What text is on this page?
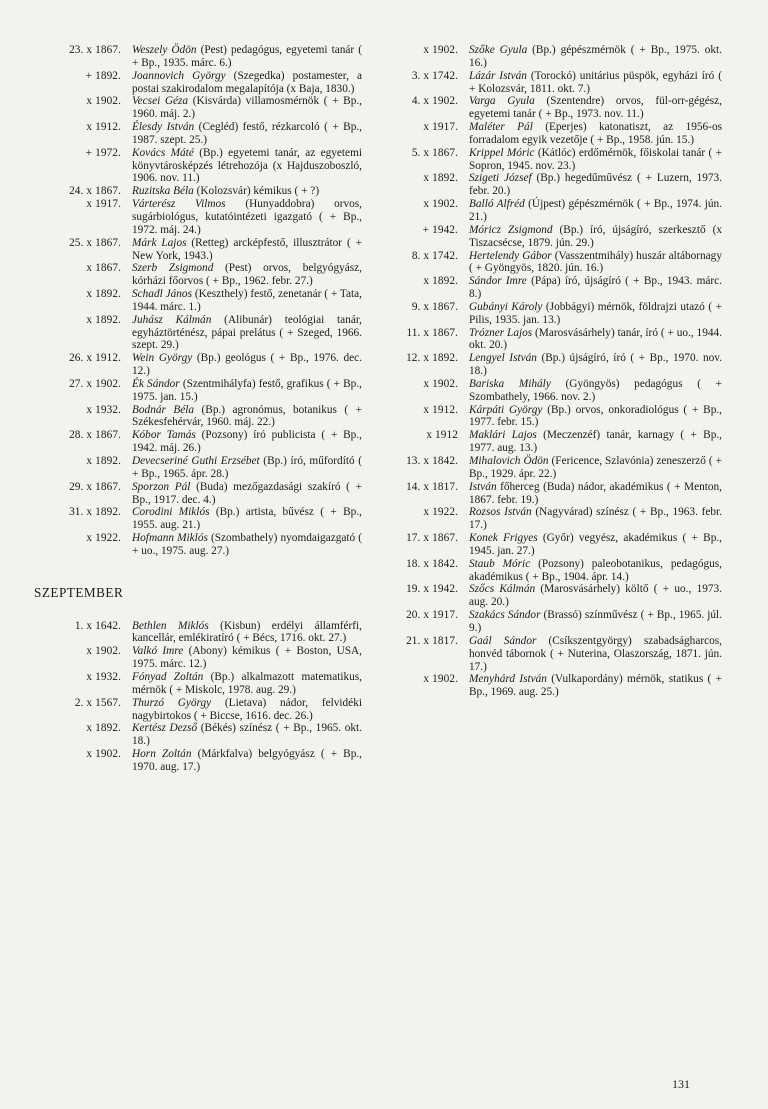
23. x 1867. Weszely Ödön (Pest) pedagógus, egyetemi tanár ( + Bp., 1935. márc. 6.)
+ 1892. Joannovich György (Szegedka) postamester, a postai szakirodalom megalapítója (x Baja, 1830.)
x 1902. Vecsei Géza (Kisvárda) villamosmérnök ( + Bp., 1960. máj. 2.)
x 1912. Élesdy István (Cegléd) festő, rézkarcoló ( + Bp., 1987. szept. 25.)
+ 1972. Kovács Máté (Bp.) egyetemi tanár, az egyetemi könyvtárosképzés létrehozója (x Hajduszoboszló, 1906. nov. 11.)
24. x 1867. Ruzitska Béla (Kolozsvár) kémikus ( + ?)
x 1917. Várterész Vilmos (Hunyaddobra) orvos, sugárbiológus, kutatóintézeti igazgató ( + Bp., 1972. máj. 24.)
25. x 1867. Márk Lajos (Retteg) arcképfestő, illusztrátor ( + New York, 1943.)
x 1867. Szerb Zsigmond (Pest) orvos, belgyógyász, kórházi főorvos ( + Bp., 1962. febr. 27.)
x 1892. Schadl János (Keszthely) festő, zenetanár ( + Tata, 1944. márc. 1.)
x 1892. Juhász Kálmán (Alibunár) teológiai tanár, egyháztörténész, pápai prelátus ( + Szeged, 1966. szept. 29.)
26. x 1912. Wein György (Bp.) geológus ( + Bp., 1976. dec. 12.)
27. x 1902. Ék Sándor (Szentmihályfa) festő, grafikus ( + Bp., 1975. jan. 15.)
x 1932. Bodnár Béla (Bp.) agronómus, botanikus ( + Székesfehérvár, 1960. máj. 22.)
28. x 1867. Kóbor Tamás (Pozsony) író publicista ( + Bp., 1942. máj. 26.)
x 1892. Devecseriné Guthi Erzsébet (Bp.) író, műfordító ( + Bp., 1965. ápr. 28.)
29. x 1867. Sporzon Pál (Buda) mezőgazdasági szakíró ( + Bp., 1917. dec. 4.)
31. x 1892. Corodini Miklós (Bp.) artista, bűvész ( + Bp., 1955. aug. 21.)
x 1922. Hofmann Miklós (Szombathely) nyomdaigazgató ( + uo., 1975. aug. 27.)
SZEPTEMBER
1. x 1642. Bethlen Miklós (Kisbun) erdélyi államférfi, kancellár, emlékiratíró ( + Bécs, 1716. okt. 27.)
x 1902. Valkó Imre (Abony) kémikus ( + Boston, USA, 1975. márc. 12.)
x 1932. Fónyad Zoltán (Bp.) alkalmazott matematikus, mérnök ( + Miskolc, 1978. aug. 29.)
2. x 1567. Thurzó György (Lietava) nádor, felvidéki nagybirtokos ( + Biccse, 1616. dec. 26.)
x 1892. Kertész Dezső (Békés) színész ( + Bp., 1965. okt. 18.)
x 1902. Horn Zoltán (Márkfalva) belgyógyász ( + Bp., 1970. aug. 17.)
x 1902. Szőke Gyula (Bp.) gépészmérnök ( + Bp., 1975. okt. 16.)
3. x 1742. Lázár István (Torockó) unitárius püspök, egyházi író ( + Kolozsvár, 1811. okt. 7.)
4. x 1902. Varga Gyula (Szentendre) orvos, fül-orr-gégész, egyetemi tanár ( + Bp., 1973. nov. 11.)
x 1917. Maléter Pál (Eperjes) katonatiszt, az 1956-os forradalom egyik vezetője ( + Bp., 1958. jún. 15.)
5. x 1867. Krippel Móric (Kátlóc) erdőmérnök, főiskolai tanár ( + Sopron, 1945. nov. 23.)
x 1892. Szigeti József (Bp.) hegedűművész ( + Luzern, 1973. febr. 20.)
x 1902. Balló Alfréd (Újpest) gépészmérnök ( + Bp., 1974. jún. 21.)
+ 1942. Móricz Zsigmond (Bp.) író, újságíró, szerkesztő (x Tiszacsécse, 1879. jún. 29.)
8. x 1742. Hertelendy Gábor (Vasszentmihály) huszár altábornagy ( + Gyöngyös, 1820. jún. 16.)
x 1892. Sándor Imre (Pápa) író, újságíró ( + Bp., 1943. márc. 8.)
9. x 1867. Gubányi Károly (Jobbágyi) mérnök, földrajzi utazó ( + Pilis, 1935. jan. 13.)
11. x 1867. Trózner Lajos (Marosvásárhely) tanár, író ( + uo., 1944. okt. 20.)
12. x 1892. Lengyel István (Bp.) újságíró, író ( + Bp., 1970. nov. 18.)
x 1902. Bariska Mihály (Gyöngyös) pedagógus ( + Szombathely, 1966. nov. 2.)
x 1912. Kárpáti György (Bp.) orvos, onkoradiológus ( + Bp., 1977. febr. 15.)
x 1912 Maklári Lajos (Meczenzéf) tanár, karnagy ( + Bp., 1977. aug. 13.)
13. x 1842. Mihalovich Ödön (Fericence, Szlavónia) zeneszerző ( + Bp., 1929. ápr. 22.)
14. x 1817. István főherceg (Buda) nádor, akadémikus ( + Menton, 1867. febr. 19.)
x 1922. Rozsos István (Nagyvárad) színész ( + Bp., 1963. febr. 17.)
17. x 1867. Konek Frigyes (Győr) vegyész, akadémikus ( + Bp., 1945. jan. 27.)
18. x 1842. Staub Móric (Pozsony) paleobotanikus, pedagógus, akadémikus ( + Bp., 1904. ápr. 14.)
19. x 1942. Szőcs Kálmán (Marosvásárhely) költő ( + uo., 1973. aug. 20.)
20. x 1917. Szakács Sándor (Brassó) színművész ( + Bp., 1965. júl. 9.)
21. x 1817. Gaál Sándor (Csíkszentgyörgy) szabadságharcos, honvéd tábornok ( + Nuterina, Olaszország, 1871. jún. 17.)
x 1902. Menyhárd István (Vulkapordány) mérnök, statikus ( + Bp., 1969. aug. 25.)
131
